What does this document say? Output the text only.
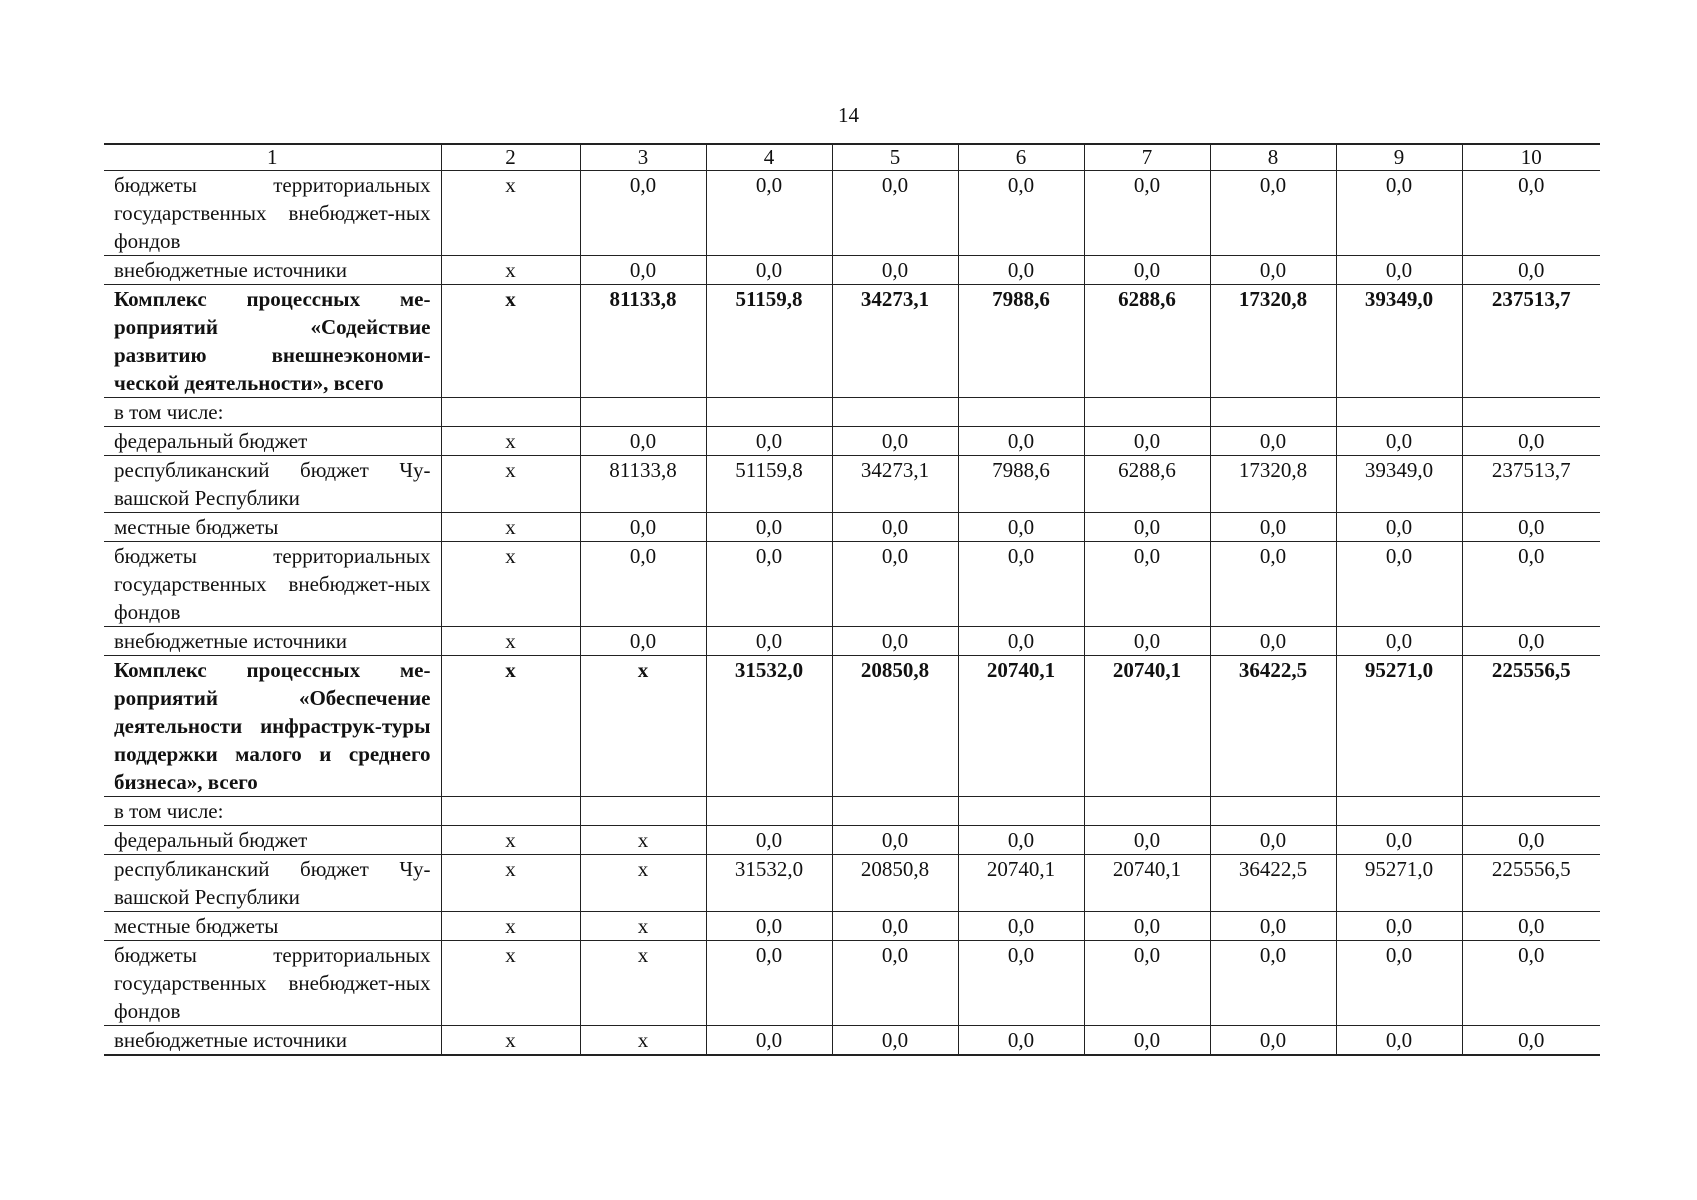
14
1	2	3	4	5	6	7	8	9	10
бюджеты территориальных государственных внебюджет-ных фондов	х	0,0	0,0	0,0	0,0	0,0	0,0	0,0	0,0
внебюджетные источники	х	0,0	0,0	0,0	0,0	0,0	0,0	0,0	0,0
Комплекс процессных ме-роприятий «Содействие развитию внешнеэкономи-ческой деятельности», всего	х	81133,8	51159,8	34273,1	7988,6	6288,6	17320,8	39349,0	237513,7
в том числе:									
федеральный бюджет	х	0,0	0,0	0,0	0,0	0,0	0,0	0,0	0,0
республиканский бюджет Чу-вашской Республики	х	81133,8	51159,8	34273,1	7988,6	6288,6	17320,8	39349,0	237513,7
местные бюджеты	х	0,0	0,0	0,0	0,0	0,0	0,0	0,0	0,0
бюджеты территориальных государственных внебюджет-ных фондов	х	0,0	0,0	0,0	0,0	0,0	0,0	0,0	0,0
внебюджетные источники	х	0,0	0,0	0,0	0,0	0,0	0,0	0,0	0,0
Комплекс процессных ме-роприятий «Обеспечение деятельности инфраструк-туры поддержки малого и среднего бизнеса», всего	х	х	31532,0	20850,8	20740,1	20740,1	36422,5	95271,0	225556,5
в том числе:									
федеральный бюджет	х	х	0,0	0,0	0,0	0,0	0,0	0,0	0,0
республиканский бюджет Чу-вашской Республики	х	х	31532,0	20850,8	20740,1	20740,1	36422,5	95271,0	225556,5
местные бюджеты	х	х	0,0	0,0	0,0	0,0	0,0	0,0	0,0
бюджеты территориальных государственных внебюджет-ных фондов	х	х	0,0	0,0	0,0	0,0	0,0	0,0	0,0
внебюджетные источники	х	х	0,0	0,0	0,0	0,0	0,0	0,0	0,0
